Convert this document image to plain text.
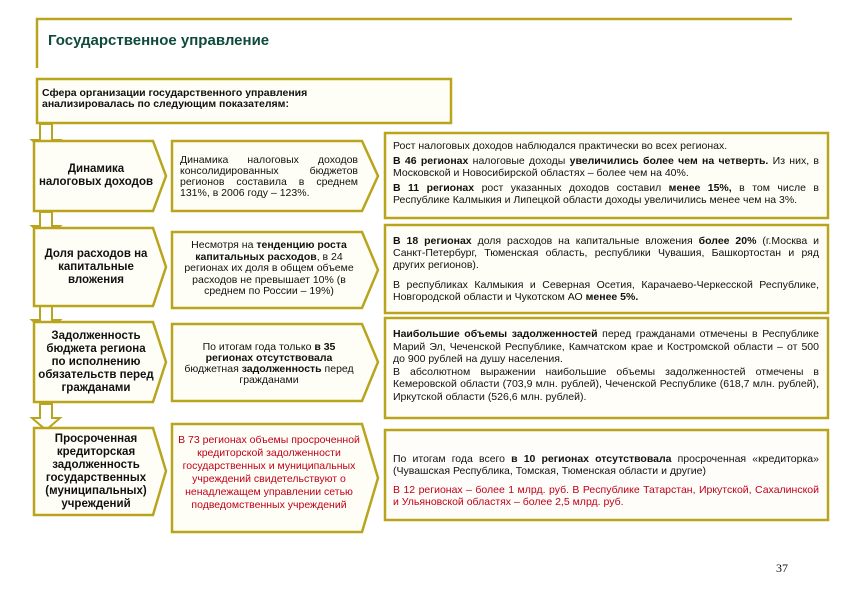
Государственное управление
Сфера организации государственного управления анализировалась по следующим показателям:
Динамика налоговых доходов
Динамика налоговых доходов консолидированных бюджетов регионов составила в среднем 131%, в 2006 году – 123%.
Рост налоговых доходов наблюдался практически во всех регионах.
В 46 регионах налоговые доходы увеличились более чем на четверть. Из них, в Московской и Новосибирской областях – более чем на 40%.
В 11 регионах рост указанных доходов составил менее 15%, в том числе в Республике Калмыкия и Липецкой области доходы увеличились менее чем на 3%.
Доля расходов на капитальные вложения
Несмотря на тенденцию роста капитальных расходов, в 24 регионах их доля в общем объеме расходов не превышает 10% (в среднем по России – 19%)
В 18 регионах доля расходов на капитальные вложения более 20% (г.Москва и Санкт-Петербург, Тюменская область, республики Чувашия, Башкортостан и ряд других регионов).
В республиках Калмыкия и Северная Осетия, Карачаево-Черкесской Республике, Новгородской области и Чукотском АО менее 5%.
Задолженность бюджета региона по исполнению обязательств перед гражданами
По итогам года только в 35 регионах отсутствовала бюджетная задолженность перед гражданами
Наибольшие объемы задолженностей перед гражданами отмечены в Республике Марий Эл, Чеченской Республике, Камчатском крае и Костромской области – от 500 до 900 рублей на душу населения.
В абсолютном выражении наибольшие объемы задолженностей отмечены в Кемеровской области (703,9 млн. рублей), Чеченской Республике (618,7 млн. рублей), Иркутской области (526,6 млн. рублей).
Просроченная кредиторская задолженность государственных (муниципальных) учреждений
В 73 регионах объемы просроченной кредиторской задолженности государственных и муниципальных учреждений свидетельствуют о ненадлежащем управлении сетью подведомственных учреждений
По итогам года всего в 10 регионах отсутствовала просроченная «кредиторка» (Чувашская Республика, Томская, Тюменская области и другие)
В 12 регионах – более 1 млрд. руб. В Республике Татарстан, Иркутской, Сахалинской и Ульяновской областях – более 2,5 млрд. руб.
37
